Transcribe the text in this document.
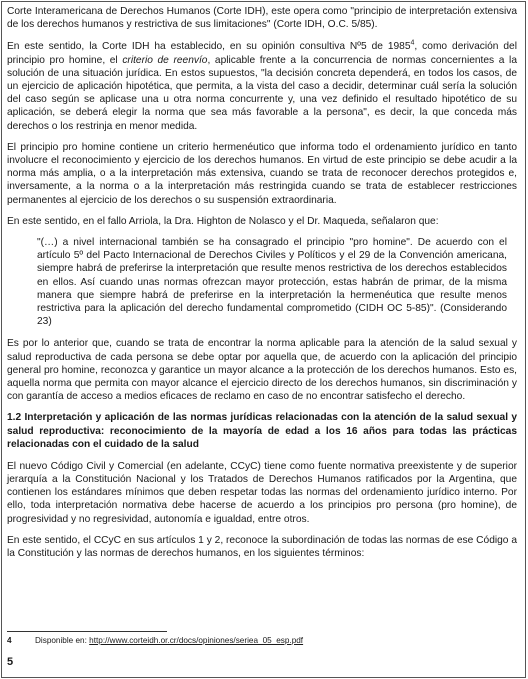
Corte Interamericana de Derechos Humanos (Corte IDH), este opera como "principio de interpretación extensiva de los derechos humanos y restrictiva de sus limitaciones" (Corte IDH, O.C. 5/85).

En este sentido, la Corte IDH ha establecido, en su opinión consultiva Nº5 de 1985$^4$, como derivación del principio pro homine, el criterio de reenvío, aplicable frente a la concurrencia de normas concernientes a la solución de una situación jurídica. En estos supuestos, "la decisión concreta dependerá, en todos los casos, de un ejercicio de aplicación hipotética, que permita, a la vista del caso a decidir, determinar cuál sería la solución del caso según se aplicase una u otra norma concurrente y, una vez definido el resultado hipotético de su aplicación, se deberá elegir la norma que sea más favorable a la persona", es decir, la que conceda más derechos o los restrinja en menor medida.

El principio pro homine contiene un criterio hermenéutico que informa todo el ordenamiento jurídico en tanto involucre el reconocimiento y ejercicio de los derechos humanos. En virtud de este principio se debe acudir a la norma más amplia, o a la interpretación más extensiva, cuando se trata de reconocer derechos protegidos e, inversamente, a la norma o a la interpretación más restringida cuando se trata de establecer restricciones permanentes al ejercicio de los derechos o su suspensión extraordinaria.

En este sentido, en el fallo Arriola, la Dra. Highton de Nolasco y el Dr. Maqueda, señalaron que:

"(…) a nivel internacional también se ha consagrado el principio "pro homine". De acuerdo con el artículo 5º del Pacto Internacional de Derechos Civiles y Políticos y el 29 de la Convención americana, siempre habrá de preferirse la interpretación que resulte menos restrictiva de los derechos establecidos en ellos. Así cuando unas normas ofrezcan mayor protección, estas habrán de primar, de la misma manera que siempre habrá de preferirse en la interpretación la hermenéutica que resulte menos restrictiva para la aplicación del derecho fundamental comprometido (CIDH OC 5-85)". (Considerando 23)

Es por lo anterior que, cuando se trata de encontrar la norma aplicable para la atención de la salud sexual y salud reproductiva de cada persona se debe optar por aquella que, de acuerdo con la aplicación del principio general pro homine, reconozca y garantice un mayor alcance a la protección de los derechos humanos. Esto es, aquella norma que permita con mayor alcance el ejercicio directo de los derechos humanos, sin discriminación y con garantía de acceso a medios eficaces de reclamo en caso de no encontrar satisfecho el derecho.

1.2 Interpretación y aplicación de las normas jurídicas relacionadas con la atención de la salud sexual y salud reproductiva: reconocimiento de la mayoría de edad a los 16 años para todas las prácticas relacionadas con el cuidado de la salud

El nuevo Código Civil y Comercial (en adelante, CCyC) tiene como fuente normativa preexistente y de superior jerarquía a la Constitución Nacional y los Tratados de Derechos Humanos ratificados por la Argentina, que contienen los estándares mínimos que deben respetar todas las normas del ordenamiento jurídico interno. Por ello, toda interpretación normativa debe hacerse de acuerdo a los principios pro persona (pro homine), de progresividad y no regresividad, autonomía e igualdad, entre otros.

En este sentido, el CCyC en sus artículos 1 y 2, reconoce la subordinación de todas las normas de ese Código a la Constitución y las normas de derechos humanos, en los siguientes términos:

4	Disponible en: http://www.corteidh.or.cr/docs/opiniones/seriea_05_esp.pdf
5
